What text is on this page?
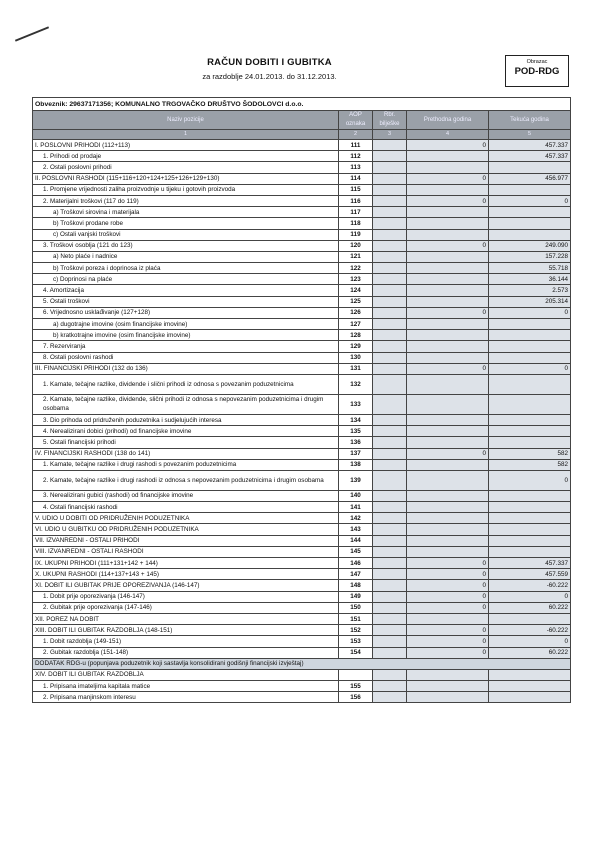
RAČUN DOBITI I GUBITKA
za razdoblje 24.01.2013. do 31.12.2013.
Obrazac
POD-RDG
Obveznik: 29637171356; KOMUNALNO TRGOVAČKO DRUŠTVO ŠODOLOVCI d.o.o.				
Naziv pozicije	AOP oznaka	Rbr. bilješke	Prethodna godina	Tekuća godina
1	2	3	4	5
I. POSLOVNI PRIHODI (112+113)	111		0	457.337
1. Prihodi od prodaje	112			457.337
2. Ostali poslovni prihodi	113			
II. POSLOVNI RASHODI (115+116+120+124+125+126+129+130)	114		0	456.977
1. Promjene vrijednosti zaliha proizvodnje u tijeku i gotovih proizvoda	115			
2. Materijalni troškovi (117 do 119)	116		0	0
a) Troškovi sirovina i materijala	117			
b) Troškovi prodane robe	118			
c) Ostali vanjski troškovi	119			
3. Troškovi osoblja (121 do 123)	120		0	249.090
a) Neto plaće i nadnice	121			157.228
b) Troškovi poreza i doprinosa iz plaća	122			55.718
c) Doprinosi na plaće	123			36.144
4. Amortizacija	124			2.573
5. Ostali troškovi	125			205.314
6. Vrijednosno usklađivanje (127+128)	126		0	0
a) dugotrajne imovine (osim financijske imovine)	127			
b) kratkotrajne imovine (osim financijske imovine)	128			
7. Rezerviranja	129			
8. Ostali poslovni rashodi	130			
III. FINANCIJSKI PRIHODI (132 do 136)	131		0	0
1. Kamate, tečajne razlike, dividende i slični prihodi iz odnosa s povezanim poduzetnicima	132			
2. Kamate, tečajne razlike, dividende, slični prihodi iz odnosa s nepovezanim poduzetnicima i drugim osobama	133			
3. Dio prihoda od pridruženih poduzetnika i sudjelujućih interesa	134			
4. Nerealizirani dobici (prihodi) od financijske imovine	135			
5. Ostali financijski prihodi	136			
IV. FINANCIJSKI RASHODI (138 do 141)	137		0	582
1. Kamate, tečajne razlike i drugi rashodi s povezanim poduzetnicima	138			582
2. Kamate, tečajne razlike i drugi rashodi iz odnosa s nepovezanim poduzetnicima i drugim osobama	139			0
3. Nerealizirani gubici (rashodi) od financijske imovine	140			
4. Ostali financijski rashodi	141			
V. UDIO U DOBITI OD PRIDRUŽENIH PODUZETNIKA	142			
VI. UDIO U GUBITKU OD PRIDRUŽENIH PODUZETNIKA	143			
VII. IZVANREDNI - OSTALI PRIHODI	144			
VIII. IZVANREDNI - OSTALI RASHODI	145			
IX. UKUPNI PRIHODI (111+131+142 + 144)	146		0	457.337
X. UKUPNI RASHODI (114+137+143 + 145)	147		0	457.559
XI. DOBIT ILI GUBITAK PRIJE OPOREZIVANJA (146-147)	148		0	-60.222
1. Dobit prije oporezivanja (146-147)	149		0	0
2. Gubitak prije oporezivanja (147-146)	150		0	60.222
XII. POREZ NA DOBIT	151			
XIII. DOBIT ILI GUBITAK RAZDOBLJA (148-151)	152		0	-60.222
1. Dobit razdoblja (149-151)	153		0	0
2. Gubitak razdoblja (151-148)	154		0	60.222
DODATAK RDG-u (popunjava poduzetnik koji sastavlja konsolidirani godišnji financijski izvještaj)				
XIV. DOBIT ILI GUBITAK RAZDOBLJA				
1. Pripisana imateljima kapitala matice	155			
2. Pripisana manjinskom interesu	156			
